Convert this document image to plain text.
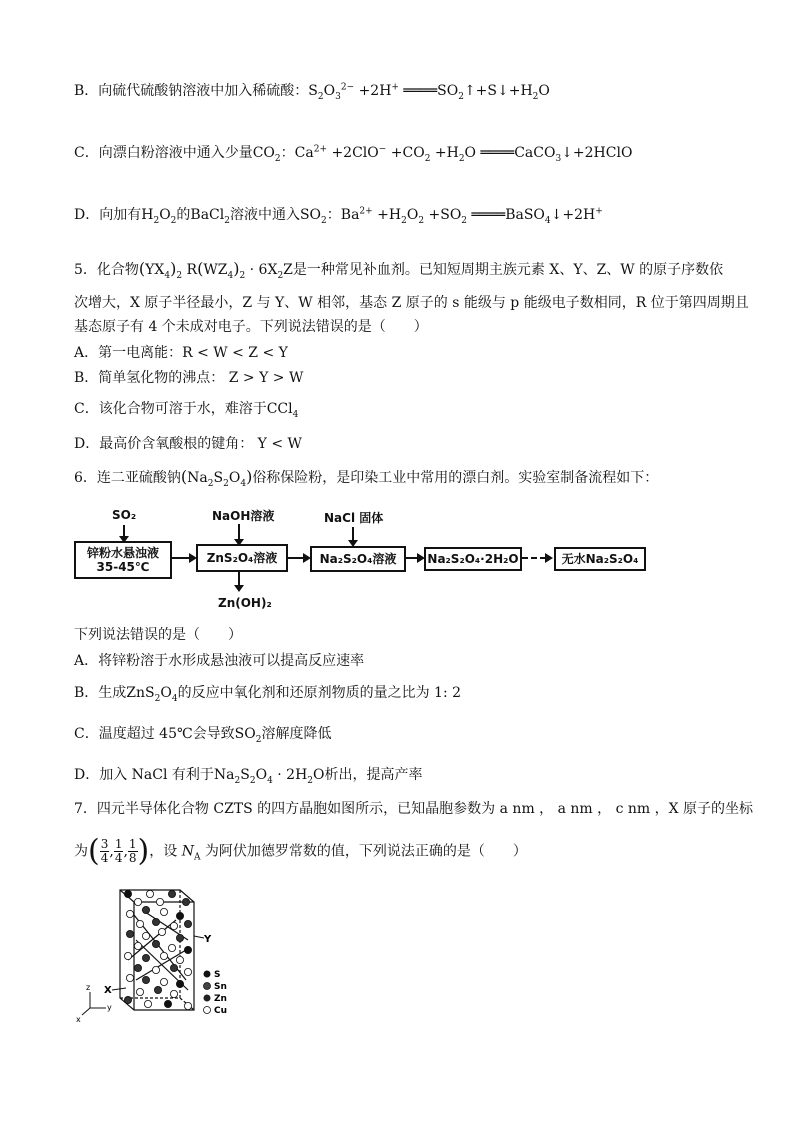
B．向硫代硫酸钠溶液中加入稀硫酸：$S_2O_3^{2-} +2H^+$ $════SO_2↑+S↓+H_2O$
C．向漂白粉溶液中通入少量$CO_2$：$Ca^{2+} +2ClO^- +CO_2 +H_2O$ ════CaCO$_3$↓+2HClO
D．向加有$H_2O_2$的BaCl$_2$溶液中通入$SO_2$：$Ba^{2+} +H_2O_2 +SO_2$ ════BaSO$_4$↓+2H+
5．化合物$(YX_4)_2$ $R(WZ_4)_2 \cdot 6X_2Z$是一种常见补血剂。已知短周期主族元素 X、Y、Z、W 的原子序数依
次增大，X 原子半径最小，Z 与 Y、W 相邻，基态 Z 原子的 s 能级与 p 能级电子数相同，R 位于第四周期且
基态原子有 4 个未成对电子。下列说法错误的是（　　）
A．第一电离能：R < W < Z < Y
B．简单氢化物的沸点： Z > Y > W
C．该化合物可溶于水，难溶于CCl$_4$
D．最高价含氧酸根的键角： Y < W
6．连二亚硫酸钠$(Na_2S_2O_4)$俗称保险粉，是印染工业中常用的漂白剂。实验室制备流程如下：
SO₂
锌粉水悬浊液
35-45℃
NaOH溶液
ZnS₂O₄溶液
Zn(OH)₂
NaCl 固体
Na₂S₂O₄溶液	Na₂S₂O₄·2H₂O	无水Na₂S₂O₄
下列说法错误的是（　　）
A．将锌粉溶于水形成悬浊液可以提高反应速率
B．生成$ZnS_2O_4$的反应中氧化剂和还原剂物质的量之比为 1: 2
C．温度超过 45℃会导致$SO_2$溶解度降低
D．加入 NaCl 有利于$Na_2S_2O_4 \cdot 2H_2O$析出，提高产率
7．四元半导体化合物 CZTS 的四方晶胞如图所示，已知晶胞参数为 a nm ， a nm ， c nm ，X 原子的坐标
为( $\frac{3}{4}$ , $\frac{1}{4}$ , $\frac{1}{8}$ )，设 $N_A$ 为阿伏加德罗常数的值，下列说法正确的是（　　）
Y
X
z
y
x
S
Sn
Zn
Cu
